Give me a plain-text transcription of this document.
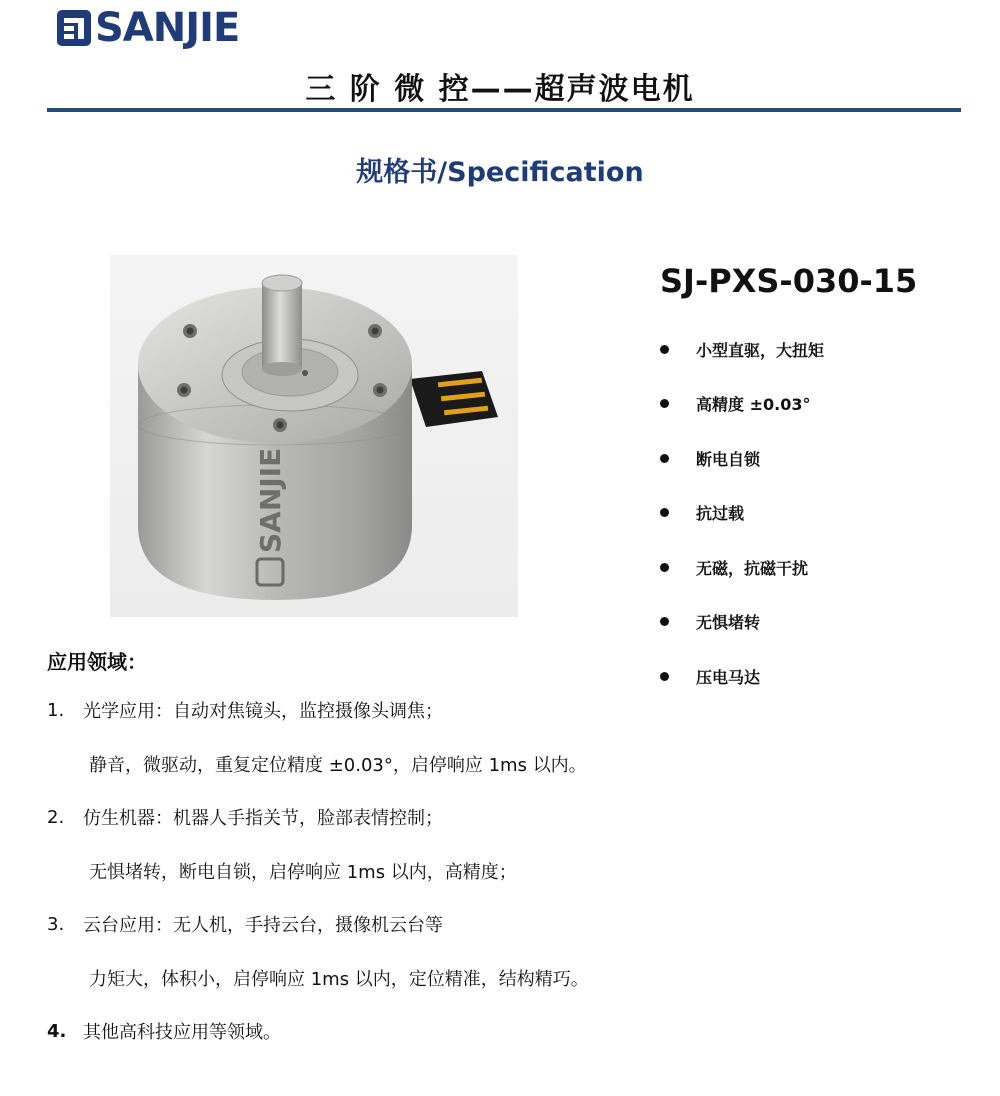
SANJIE
三 阶 微 控——超声波电机
规格书/Specification
SANJIE
SJ-PXS-030-15
小型直驱，大扭矩
高精度 ±0.03°
断电自锁
抗过载
无磁，抗磁干扰
无惧堵转
压电马达
应用领域：
1.	光学应用：自动对焦镜头，监控摄像头调焦；
静音，微驱动，重复定位精度 ±0.03°，启停响应 1ms 以内。
2.	仿生机器：机器人手指关节，脸部表情控制；
无惧堵转，断电自锁，启停响应 1ms 以内，高精度；
3.	云台应用：无人机，手持云台，摄像机云台等
力矩大，体积小，启停响应 1ms 以内，定位精准，结构精巧。
4. 其他高科技应用等领域。
